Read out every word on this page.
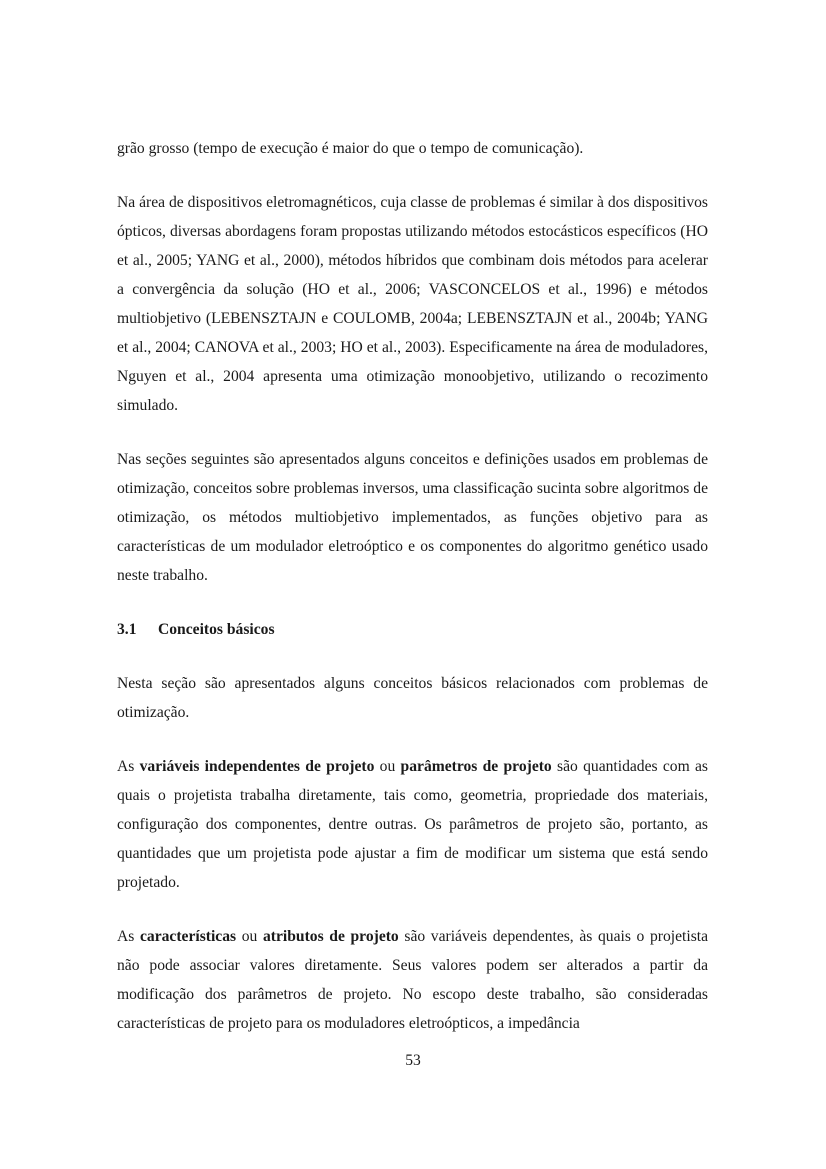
grão grosso (tempo de execução é maior do que o tempo de comunicação).

Na área de dispositivos eletromagnéticos, cuja classe de problemas é similar à dos dispositivos ópticos, diversas abordagens foram propostas utilizando métodos estocásticos específicos (HO et al., 2005; YANG et al., 2000), métodos híbridos que combinam dois métodos para acelerar a convergência da solução (HO et al., 2006; VASCONCELOS et al., 1996) e métodos multiobjetivo (LEBENSZTAJN e COULOMB, 2004a; LEBENSZTAJN et al., 2004b; YANG et al., 2004; CANOVA et al., 2003; HO et al., 2003). Especificamente na área de moduladores, Nguyen et al., 2004 apresenta uma otimização monoobjetivo, utilizando o recozimento simulado.

Nas seções seguintes são apresentados alguns conceitos e definições usados em problemas de otimização, conceitos sobre problemas inversos, uma classificação sucinta sobre algoritmos de otimização, os métodos multiobjetivo implementados, as funções objetivo para as características de um modulador eletroóptico e os componentes do algoritmo genético usado neste trabalho.

3.1 Conceitos básicos

Nesta seção são apresentados alguns conceitos básicos relacionados com problemas de otimização.

As variáveis independentes de projeto ou parâmetros de projeto são quantidades com as quais o projetista trabalha diretamente, tais como, geometria, propriedade dos materiais, configuração dos componentes, dentre outras. Os parâmetros de projeto são, portanto, as quantidades que um projetista pode ajustar a fim de modificar um sistema que está sendo projetado.

As características ou atributos de projeto são variáveis dependentes, às quais o projetista não pode associar valores diretamente. Seus valores podem ser alterados a partir da modificação dos parâmetros de projeto. No escopo deste trabalho, são consideradas características de projeto para os moduladores eletroópticos, a impedância

53
